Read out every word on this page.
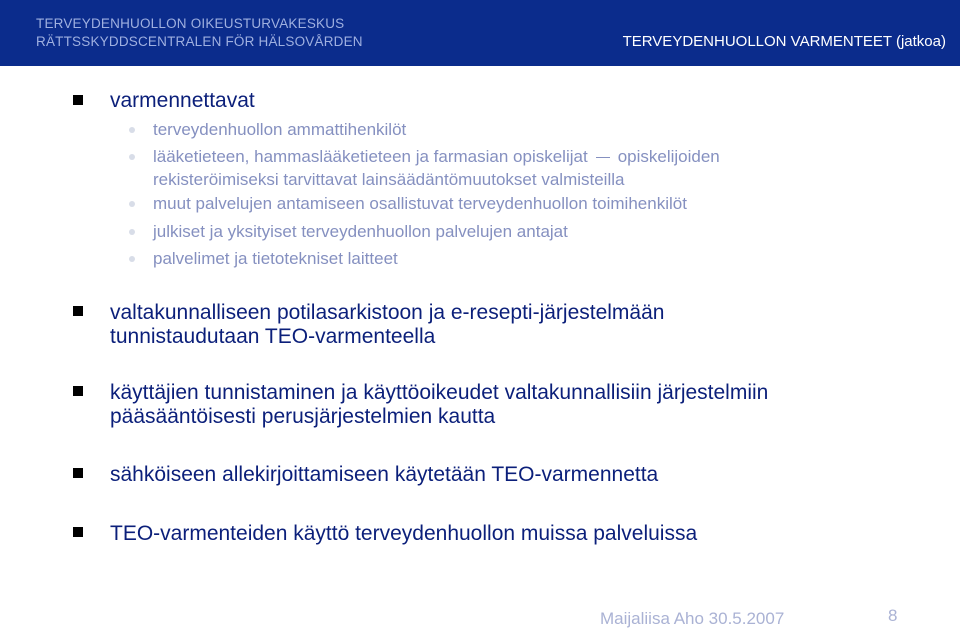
TERVEYDENHUOLLON OIKEUSTURVAKESKUS
RÄTTSSKYDDSCENTRALEN FÖR HÄLSOVÅRDEN	TERVEYDENHUOLLON VARMENTEET (jatkoa)
varmennettavat
terveydenhuollon ammattihenkilöt
lääketieteen, hammaslääketieteen ja farmasian opiskelijat opiskelijoiden
rekisteröimiseksi tarvittavat lainsäädäntömuutokset valmisteilla
muut palvelujen antamiseen osallistuvat terveydenhuollon toimihenkilöt
julkiset ja yksityiset terveydenhuollon palvelujen antajat
palvelimet ja tietotekniset laitteet
valtakunnalliseen potilasarkistoon ja e-resepti-järjestelmään
tunnistaudutaan TEO-varmenteella
käyttäjien tunnistaminen ja käyttöoikeudet valtakunnallisiin järjestelmiin
pääsääntöisesti perusjärjestelmien kautta
sähköiseen allekirjoittamiseen käytetään TEO-varmennetta
TEO-varmenteiden käyttö terveydenhuollon muissa palveluissa
Maijaliisa Aho 30.5.2007	8
